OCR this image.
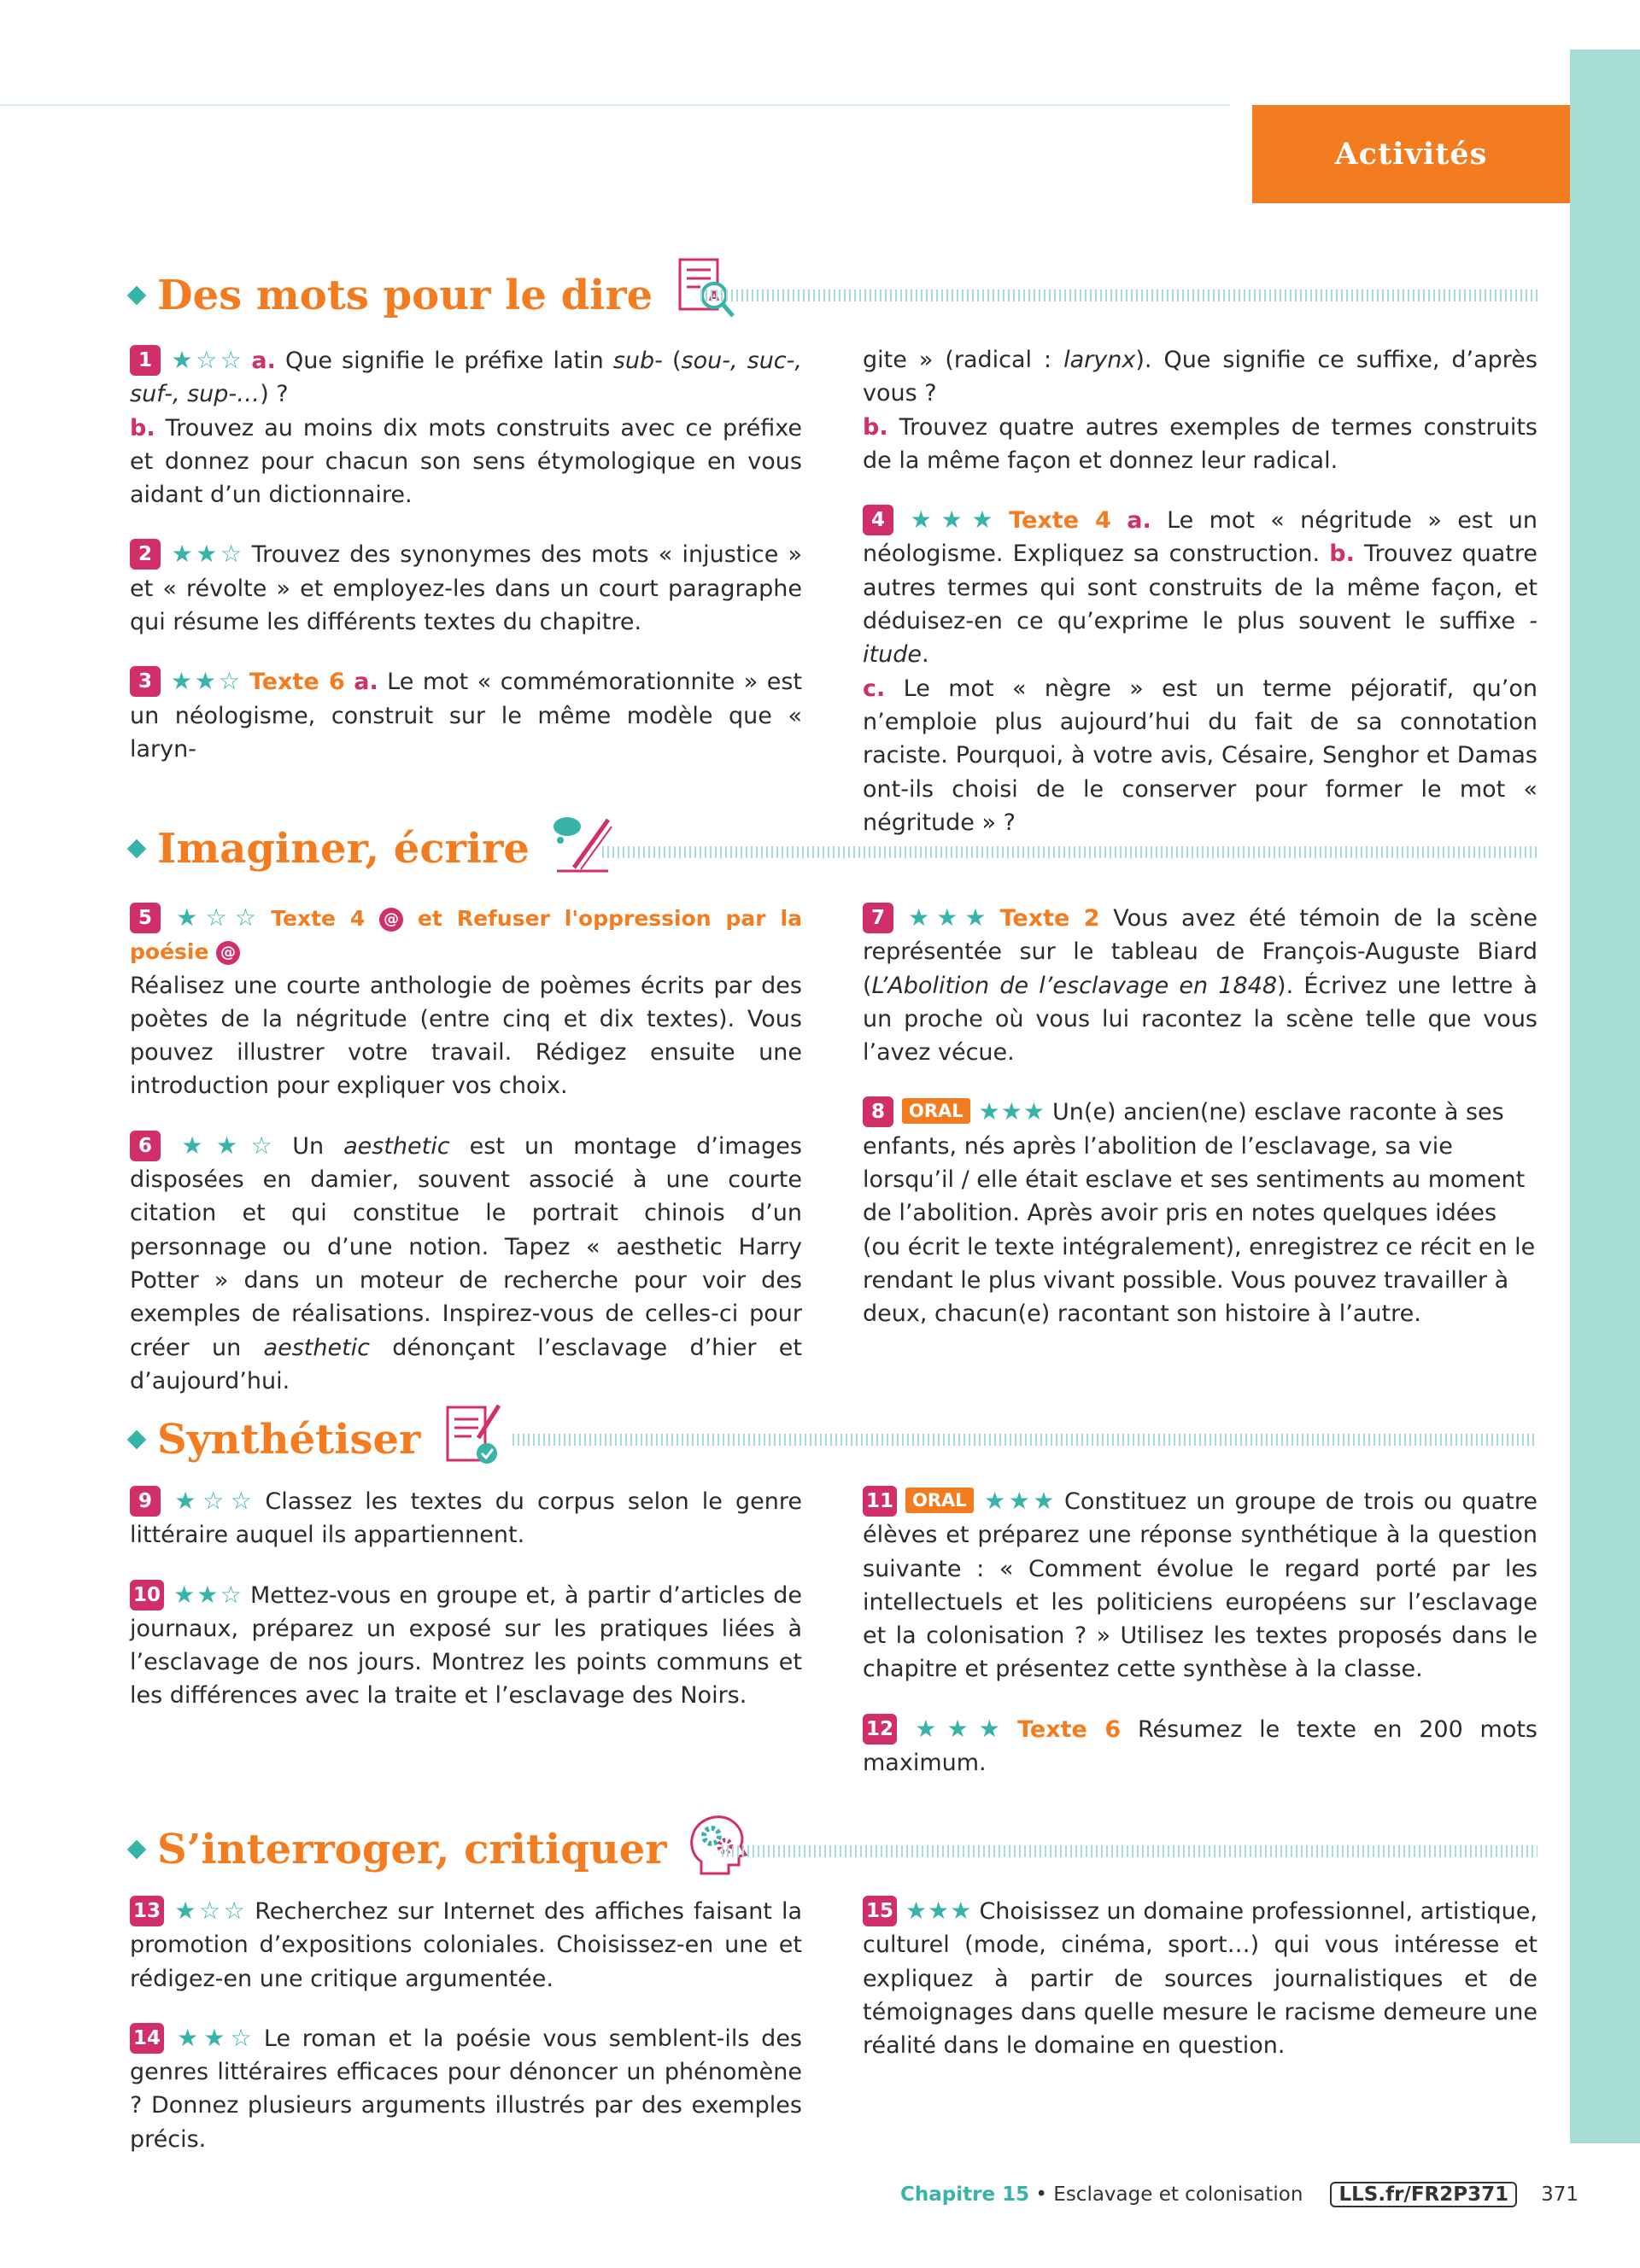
Activités
Des mots pour le dire	A

1 ★☆☆ a. Que signifie le préfixe latin sub- (sou-, suc-, suf-, sup-…) ?
b. Trouvez au moins dix mots construits avec ce préfixe et donnez pour chacun son sens étymologique en vous aidant d’un dictionnaire.

2 ★★☆ Trouvez des synonymes des mots « injustice » et « révolte » et employez-les dans un court paragraphe qui résume les différents textes du chapitre.

3 ★★☆ Texte 6 a. Le mot « commémorationnite » est un néologisme, construit sur le même modèle que « laryn-

gite » (radical : larynx). Que signifie ce suffixe, d’après vous ?
b. Trouvez quatre autres exemples de termes construits de la même façon et donnez leur radical.

4 ★★★ Texte 4 a. Le mot « négritude » est un néologisme. Expliquez sa construction. b. Trouvez quatre autres termes qui sont construits de la même façon, et déduisez-en ce qu’exprime le plus souvent le suffixe -itude.
c. Le mot « nègre » est un terme péjoratif, qu’on n’emploie plus aujourd’hui du fait de sa connotation raciste. Pourquoi, à votre avis, Césaire, Senghor et Damas ont-ils choisi de le conserver pour former le mot « négritude » ?

Imaginer, écrire

5 ★☆☆ Texte 4 @ et Refuser l'oppression par la poésie @
Réalisez une courte anthologie de poèmes écrits par des poètes de la négritude (entre cinq et dix textes). Vous pouvez illustrer votre travail. Rédigez ensuite une introduction pour expliquer vos choix.

6 ★★☆ Un aesthetic est un montage d’images disposées en damier, souvent associé à une courte citation et qui constitue le portrait chinois d’un personnage ou d’une notion. Tapez « aesthetic Harry Potter » dans un moteur de recherche pour voir des exemples de réalisations. Inspirez-vous de celles-ci pour créer un aesthetic dénonçant l’esclavage d’hier et d’aujourd’hui.

7 ★★★ Texte 2 Vous avez été témoin de la scène représentée sur le tableau de François-Auguste Biard (L’Abolition de l’esclavage en 1848). Écrivez une lettre à un proche où vous lui racontez la scène telle que vous l’avez vécue.

8 ORAL ★★★ Un(e) ancien(ne) esclave raconte à ses enfants, nés après l’abolition de l’esclavage, sa vie lorsqu’il / elle était esclave et ses sentiments au moment de l’abolition. Après avoir pris en notes quelques idées (ou écrit le texte intégralement), enregistrez ce récit en le rendant le plus vivant possible. Vous pouvez travailler à deux, chacun(e) racontant son histoire à l’autre.

Synthétiser

9 ★☆☆ Classez les textes du corpus selon le genre littéraire auquel ils appartiennent.

10 ★★☆ Mettez-vous en groupe et, à partir d’articles de journaux, préparez un exposé sur les pratiques liées à l’esclavage de nos jours. Montrez les points communs et les différences avec la traite et l’esclavage des Noirs.

11 ORAL ★★★ Constituez un groupe de trois ou quatre élèves et préparez une réponse synthétique à la question suivante : « Comment évolue le regard porté par les intellectuels et les politiciens européens sur l’esclavage et la colonisation ? » Utilisez les textes proposés dans le chapitre et présentez cette synthèse à la classe.

12 ★★★ Texte 6 Résumez le texte en 200 mots maximum.

S’interroger, critiquer

13 ★☆☆ Recherchez sur Internet des affiches faisant la promotion d’expositions coloniales. Choisissez-en une et rédigez-en une critique argumentée.

14 ★★☆ Le roman et la poésie vous semblent-ils des genres littéraires efficaces pour dénoncer un phénomène ? Donnez plusieurs arguments illustrés par des exemples précis.

15 ★★★ Choisissez un domaine professionnel, artistique, culturel (mode, cinéma, sport…) qui vous intéresse et expliquez à partir de sources journalistiques et de témoignages dans quelle mesure le racisme demeure une réalité dans le domaine en question.

Chapitre 15 • Esclavage et colonisation	LLS.fr/FR2P371	371
